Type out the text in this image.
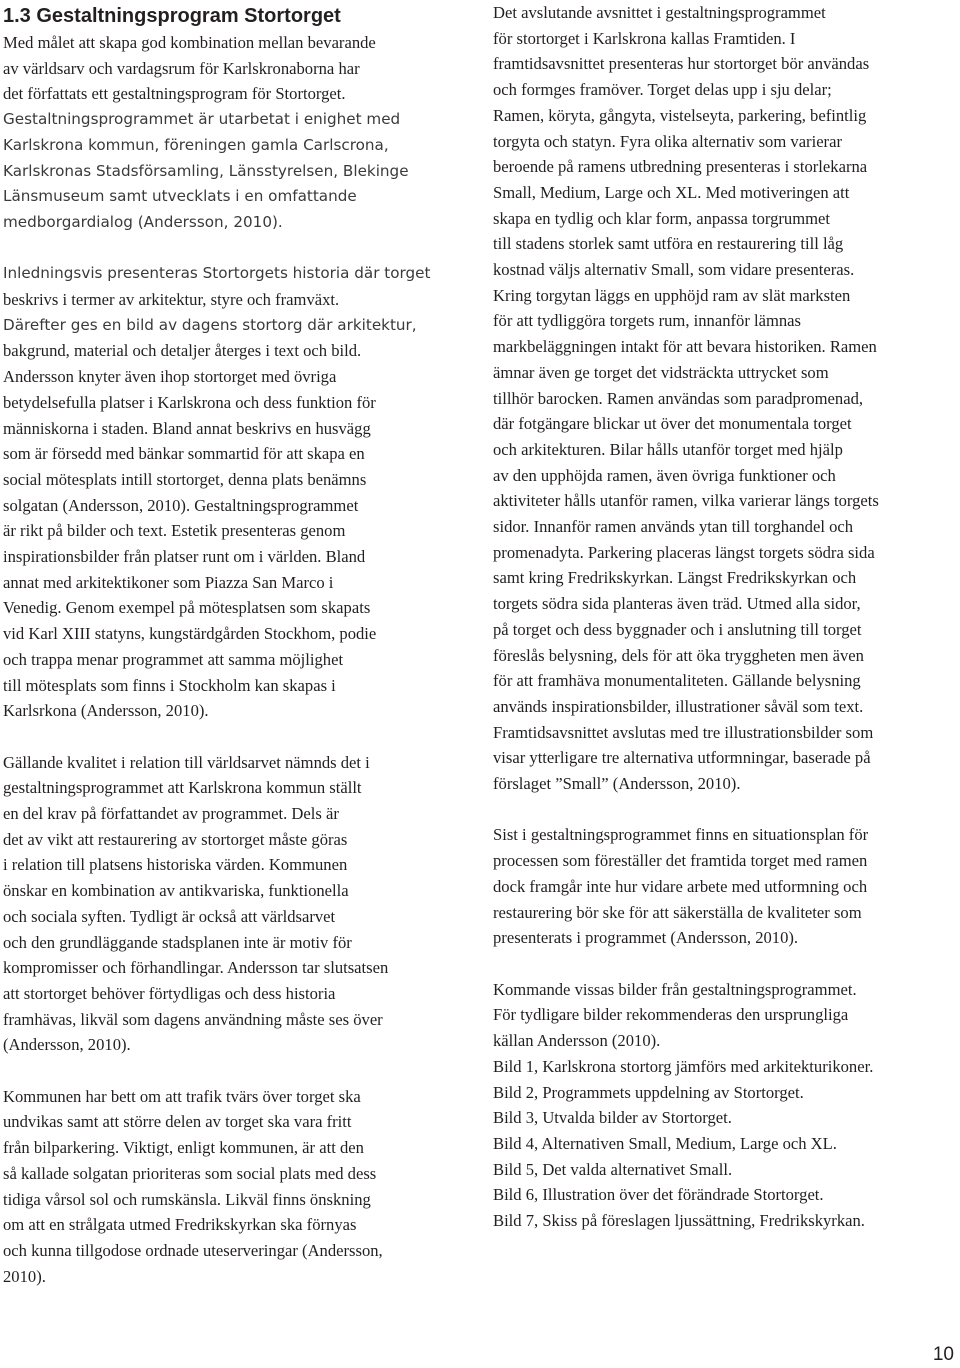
1.3 Gestaltningsprogram Stortorget

Med målet att skapa god kombination mellan bevarande
av världsarv och vardagsrum för Karlskronaborna har
det författats ett gestaltningsprogram för Stortorget.

Gestaltningsprogrammet är utarbetat i enighet med
Karlskrona kommun, föreningen gamla Carlscrona,
Karlskronas Stadsförsamling, Länsstyrelsen, Blekinge
Länsmuseum samt utvecklats i en omfattande
medborgardialog (Andersson, 2010).

Inledningsvis presenteras Stortorgets historia där torget

beskrivs i termer av arkitektur, styre och framväxt.

Därefter ges en bild av dagens stortorg där arkitektur,

bakgrund, material och detaljer återges i text och bild.
Andersson knyter även ihop stortorget med övriga
betydelsefulla platser i Karlskrona och dess funktion för
människorna i staden. Bland annat beskrivs en husvägg
som är försedd med bänkar sommartid för att skapa en
social mötesplats intill stortorget, denna plats benämns
solgatan (Andersson, 2010). Gestaltningsprogrammet
är rikt på bilder och text. Estetik presenteras genom
inspirationsbilder från platser runt om i världen. Bland
annat med arkitektikoner som Piazza San Marco i
Venedig. Genom exempel på mötesplatsen som skapats
vid Karl XIII statyns, kungstärdgården Stockhom, podie
och trappa menar programmet att samma möjlighet
till mötesplats som finns i Stockholm kan skapas i
Karlsrkona (Andersson, 2010).

Gällande kvalitet i relation till världsarvet nämnds det i
gestaltningsprogrammet att Karlskrona kommun ställt
en del krav på författandet av programmet. Dels är
det av vikt att restaurering av stortorget måste göras
i relation till platsens historiska värden. Kommunen
önskar en kombination av antikvariska, funktionella
och sociala syften. Tydligt är också att världsarvet
och den grundläggande stadsplanen inte är motiv för
kompromisser och förhandlingar. Andersson tar slutsatsen
att stortorget behöver förtydligas och dess historia
framhävas, likväl som dagens användning måste ses över
(Andersson, 2010).

Kommunen har bett om att trafik tvärs över torget ska
undvikas samt att större delen av torget ska vara fritt
från bilparkering. Viktigt, enligt kommunen, är att den
så kallade solgatan prioriteras som social plats med dess
tidiga vårsol sol och rumskänsla. Likväl finns önskning
om att en strålgata utmed Fredrikskyrkan ska förnyas
och kunna tillgodose ordnade uteserveringar (Andersson,
2010).

Det avslutande avsnittet i gestaltningsprogrammet
för stortorget i Karlskrona kallas Framtiden. I
framtidsavsnittet presenteras hur stortorget bör användas
och formges framöver. Torget delas upp i sju delar;
Ramen, köryta, gångyta, vistelseyta, parkering, befintlig
torgyta och statyn. Fyra olika alternativ som varierar
beroende på ramens utbredning presenteras i storlekarna
Small, Medium, Large och XL. Med motiveringen att
skapa en tydlig och klar form, anpassa torgrummet
till stadens storlek samt utföra en restaurering till låg
kostnad väljs alternativ Small, som vidare presenteras.
Kring torgytan läggs en upphöjd ram av slät marksten
för att tydliggöra torgets rum, innanför lämnas
markbeläggningen intakt för att bevara historiken. Ramen
ämnar även ge torget det vidsträckta uttrycket som
tillhör barocken. Ramen användas som paradpromenad,
där fotgängare blickar ut över det monumentala torget
och arkitekturen. Bilar hålls utanför torget med hjälp
av den upphöjda ramen, även övriga funktioner och
aktiviteter hålls utanför ramen, vilka varierar längs torgets
sidor. Innanför ramen används ytan till torghandel och
promenadyta. Parkering placeras längst torgets södra sida
samt kring Fredrikskyrkan. Längst Fredrikskyrkan och
torgets södra sida planteras även träd. Utmed alla sidor,
på torget och dess byggnader och i anslutning till torget
föreslås belysning, dels för att öka tryggheten men även
för att framhäva monumentaliteten. Gällande belysning
används inspirationsbilder, illustrationer såväl som text.
Framtidsavsnittet avslutas med tre illustrationsbilder som
visar ytterligare tre alternativa utformningar, baserade på
förslaget ”Small” (Andersson, 2010).

Sist i gestaltningsprogrammet finns en situationsplan för
processen som föreställer det framtida torget med ramen
dock framgår inte hur vidare arbete med utformning och
restaurering bör ske för att säkerställa de kvaliteter som
presenterats i programmet (Andersson, 2010).

Kommande vissas bilder från gestaltningsprogrammet.
För tydligare bilder rekommenderas den ursprungliga
källan Andersson (2010).

Bild 1, Karlskrona stortorg jämförs med arkitekturikoner.
Bild 2, Programmets uppdelning av Stortorget.
Bild 3, Utvalda bilder av Stortorget.
Bild 4, Alternativen Small, Medium, Large och XL.
Bild 5, Det valda alternativet Small.
Bild 6, Illustration över det förändrade Stortorget.
Bild 7, Skiss på föreslagen ljussättning, Fredrikskyrkan.
10
